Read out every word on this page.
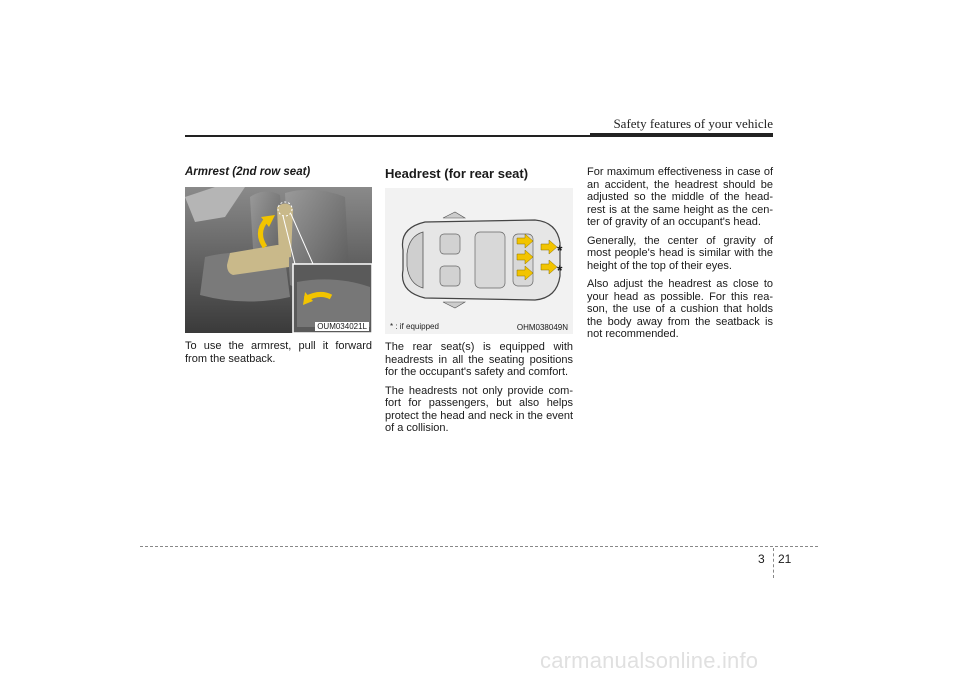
Safety features of your vehicle
Armrest (2nd row seat)
OUM034021L

To use the armrest, pull it forward from the seatback.

Headrest (for rear seat)
*
*
* : if equipped	OHM038049N

The rear seat(s) is equipped with headrests in all the seating positions for the occupant's safety and comfort.

The headrests not only provide com- fort for passengers, but also helps protect the head and neck in the event of a collision.

For maximum effectiveness in case of an accident, the headrest should be adjusted so the middle of the head- rest is at the same height as the cen- ter of gravity of an occupant's head.

Generally, the center of gravity of most people's head is similar with the height of the top of their eyes.

Also adjust the headrest as close to your head as possible. For this rea- son, the use of a cushion that holds the body away from the seatback is not recommended.

3 21
carmanualsonline.info
